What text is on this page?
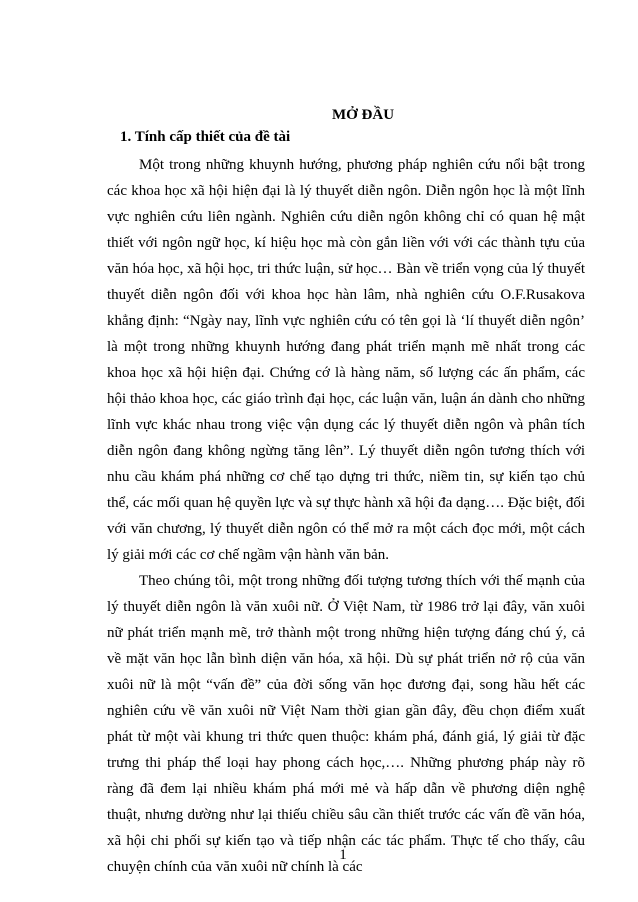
MỞ ĐẦU
1. Tính cấp thiết của đề tài

Một trong những khuynh hướng, phương pháp nghiên cứu nổi bật trong các khoa học xã hội hiện đại là lý thuyết diễn ngôn. Diễn ngôn học là một lĩnh vực nghiên cứu liên ngành. Nghiên cứu diễn ngôn không chỉ có quan hệ mật thiết với ngôn ngữ học, kí hiệu học mà còn gắn liền với với các thành tựu của văn hóa học, xã hội học, tri thức luận, sử học… Bàn về triển vọng của lý thuyết thuyết diễn ngôn đối với khoa học hàn lâm, nhà nghiên cứu O.F.Rusakova khẳng định: “Ngày nay, lĩnh vực nghiên cứu có tên gọi là ‘lí thuyết diễn ngôn’ là một trong những khuynh hướng đang phát triển mạnh mẽ nhất trong các khoa học xã hội hiện đại. Chứng cớ là hàng năm, số lượng các ấn phẩm, các hội thảo khoa học, các giáo trình đại học, các luận văn, luận án dành cho những lĩnh vực khác nhau trong việc vận dụng các lý thuyết diễn ngôn và phân tích diễn ngôn đang không ngừng tăng lên”. Lý thuyết diễn ngôn tương thích với nhu cầu khám phá những cơ chế tạo dựng tri thức, niềm tin, sự kiến tạo chủ thể, các mối quan hệ quyền lực và sự thực hành xã hội đa dạng…. Đặc biệt, đối với văn chương, lý thuyết diễn ngôn có thể mở ra một cách đọc mới, một cách lý giải mới các cơ chế ngầm vận hành văn bản.

Theo chúng tôi, một trong những đối tượng tương thích với thế mạnh của lý thuyết diễn ngôn là văn xuôi nữ. Ở Việt Nam, từ 1986 trở lại đây, văn xuôi nữ phát triển mạnh mẽ, trở thành một trong những hiện tượng đáng chú ý, cả về mặt văn học lẫn bình diện văn hóa, xã hội. Dù sự phát triển nở rộ của văn xuôi nữ là một “vấn đề” của đời sống văn học đương đại, song hầu hết các nghiên cứu về văn xuôi nữ Việt Nam thời gian gần đây, đều chọn điểm xuất phát từ một vài khung tri thức quen thuộc: khám phá, đánh giá, lý giải từ đặc trưng thi pháp thể loại hay phong cách học,…. Những phương pháp này rõ ràng đã đem lại nhiều khám phá mới mẻ và hấp dẫn về phương diện nghệ thuật, nhưng dường như lại thiếu chiều sâu cần thiết trước các vấn đề văn hóa, xã hội chi phối sự kiến tạo và tiếp nhận các tác phẩm. Thực tế cho thấy, câu chuyện chính của văn xuôi nữ chính là các

1
